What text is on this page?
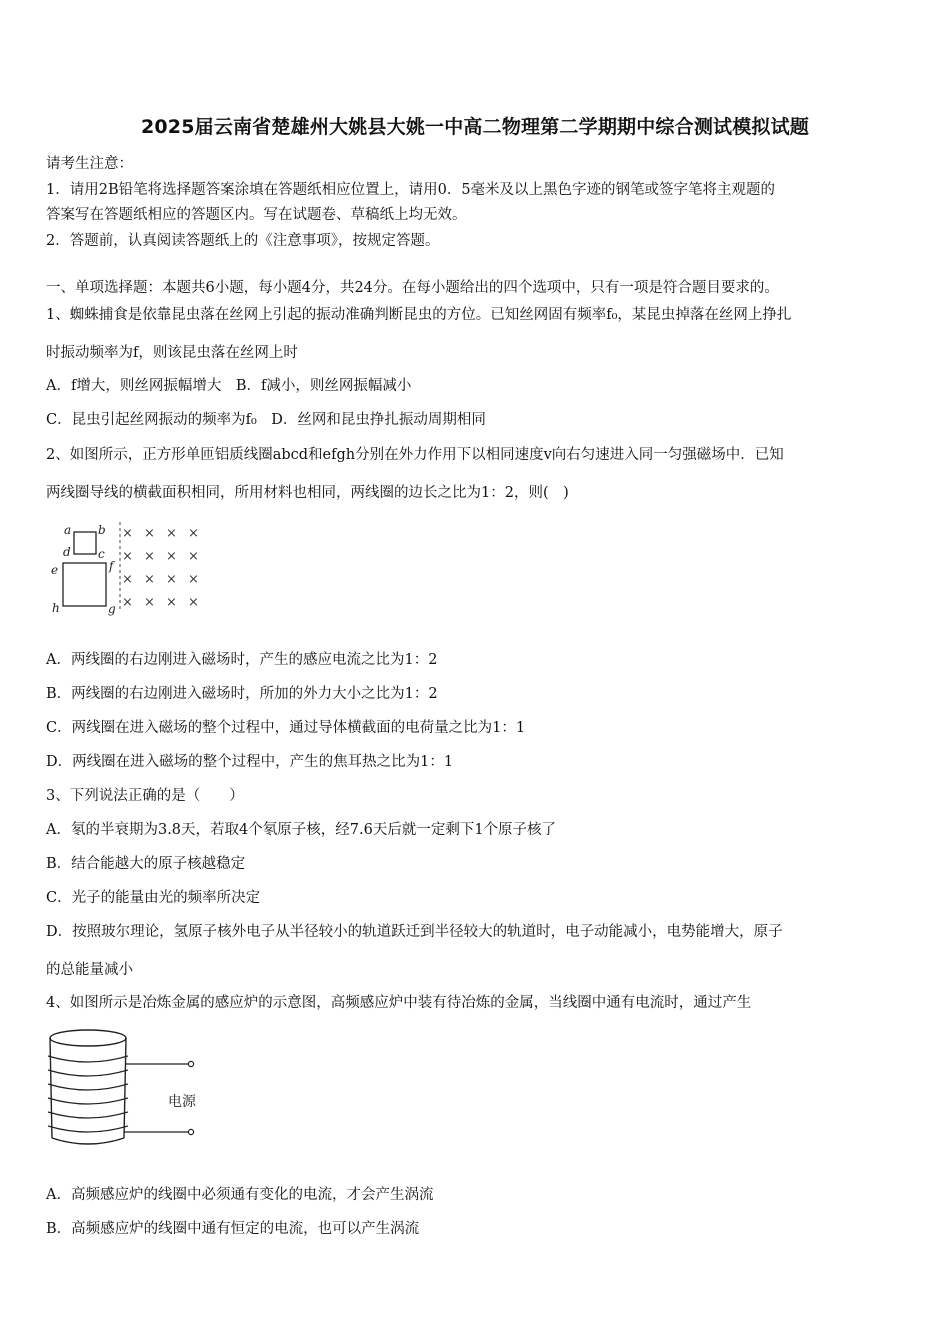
2025届云南省楚雄州大姚县大姚一中高二物理第二学期期中综合测试模拟试题
请考生注意：
1．请用2B铅笔将选择题答案涂填在答题纸相应位置上，请用0．5毫米及以上黑色字迹的钢笔或签字笔将主观题的
答案写在答题纸相应的答题区内。写在试题卷、草稿纸上均无效。
2．答题前，认真阅读答题纸上的《注意事项》，按规定答题。
一、单项选择题：本题共6小题，每小题4分，共24分。在每小题给出的四个选项中，只有一项是符合题目要求的。
1、蜘蛛捕食是依靠昆虫落在丝网上引起的振动准确判断昆虫的方位。已知丝网固有频率f₀，某昆虫掉落在丝网上挣扎
时振动频率为f，则该昆虫落在丝网上时
A．f增大，则丝网振幅增大　B．f减小，则丝网振幅减小
C．昆虫引起丝网振动的频率为f₀　D．丝网和昆虫挣扎振动周期相同
2、如图所示，正方形单匝铝质线圈abcd和efgh分别在外力作用下以相同速度v向右匀速进入同一匀强磁场中．已知
两线圈导线的横截面积相同，所用材料也相同，两线圈的边长之比为1：2，则(　)
a b
d c
e	f
h	g
× × × ×
× × × ×
× × × ×
× × × ×
A．两线圈的右边刚进入磁场时，产生的感应电流之比为1：2
B．两线圈的右边刚进入磁场时，所加的外力大小之比为1：2
C．两线圈在进入磁场的整个过程中，通过导体横截面的电荷量之比为1：1
D．两线圈在进入磁场的整个过程中，产生的焦耳热之比为1：1
3、下列说法正确的是（　　）
A．氡的半衰期为3.8天，若取4个氡原子核，经7.6天后就一定剩下1个原子核了
B．结合能越大的原子核越稳定
C．光子的能量由光的频率所决定
D．按照玻尔理论，氢原子核外电子从半径较小的轨道跃迁到半径较大的轨道时，电子动能减小，电势能增大，原子
的总能量减小
4、如图所示是冶炼金属的感应炉的示意图，高频感应炉中装有待冶炼的金属，当线圈中通有电流时，通过产生
电源
A．高频感应炉的线圈中必须通有变化的电流，才会产生涡流
B．高频感应炉的线圈中通有恒定的电流，也可以产生涡流
